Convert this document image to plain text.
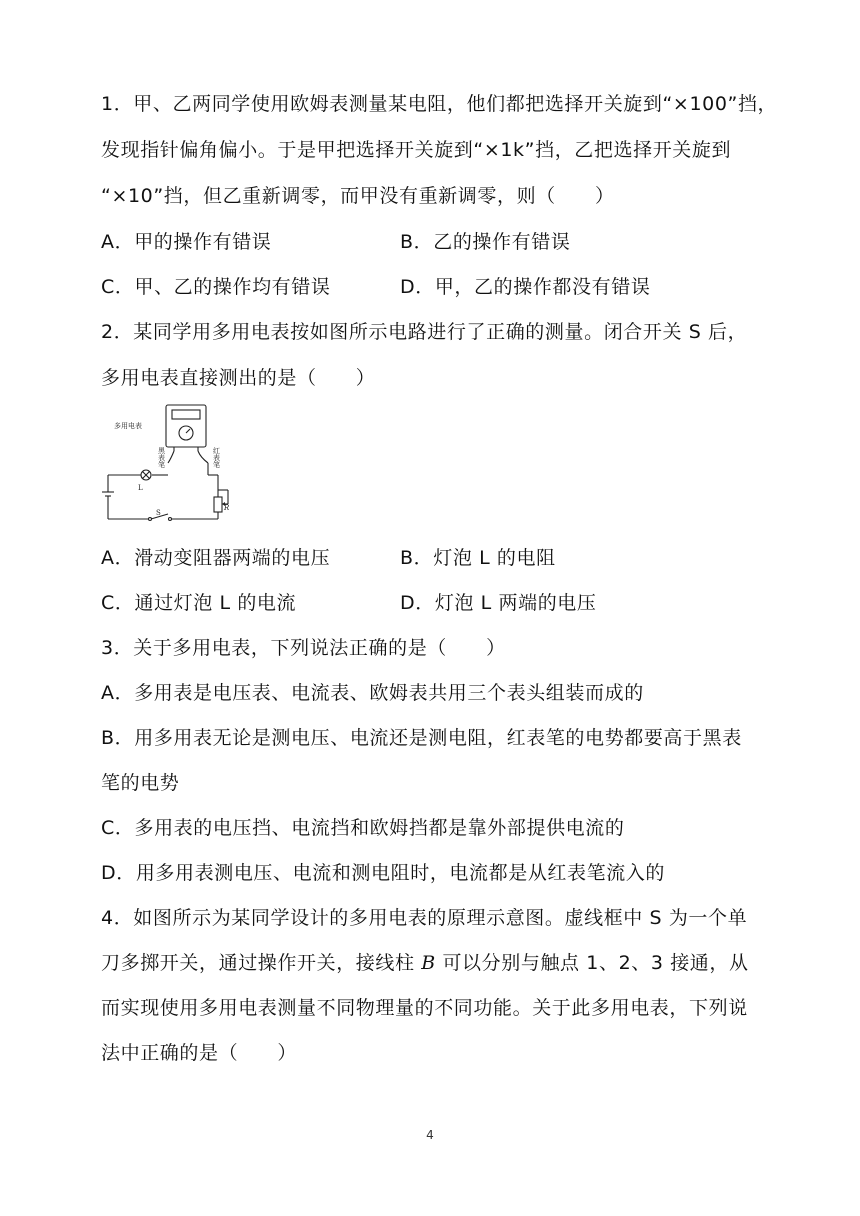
1．甲、乙两同学使用欧姆表测量某电阻，他们都把选择开关旋到“×100”挡，
发现指针偏角偏小。于是甲把选择开关旋到“×1k”挡，乙把选择开关旋到
“×10”挡，但乙重新调零，而甲没有重新调零，则（　　）
A．甲的操作有错误	B．乙的操作有错误
C．甲、乙的操作均有错误	D．甲，乙的操作都没有错误
2．某同学用多用电表按如图所示电路进行了正确的测量。闭合开关 S 后，
多用电表直接测出的是（　　）
多用电表
黑
表
笔
红
表
笔
L
S
R
A．滑动变阻器两端的电压	B．灯泡 L 的电阻
C．通过灯泡 L 的电流	D．灯泡 L 两端的电压
3．关于多用电表，下列说法正确的是（　　）
A．多用表是电压表、电流表、欧姆表共用三个表头组装而成的
B．用多用表无论是测电压、电流还是测电阻，红表笔的电势都要高于黑表
笔的电势
C．多用表的电压挡、电流挡和欧姆挡都是靠外部提供电流的
D．用多用表测电压、电流和测电阻时，电流都是从红表笔流入的
4．如图所示为某同学设计的多用电表的原理示意图。虚线框中 S 为一个单
刀多掷开关，通过操作开关，接线柱 B 可以分别与触点 1、2、3 接通，从
而实现使用多用电表测量不同物理量的不同功能。关于此多用电表，下列说
法中正确的是（　　）
4
